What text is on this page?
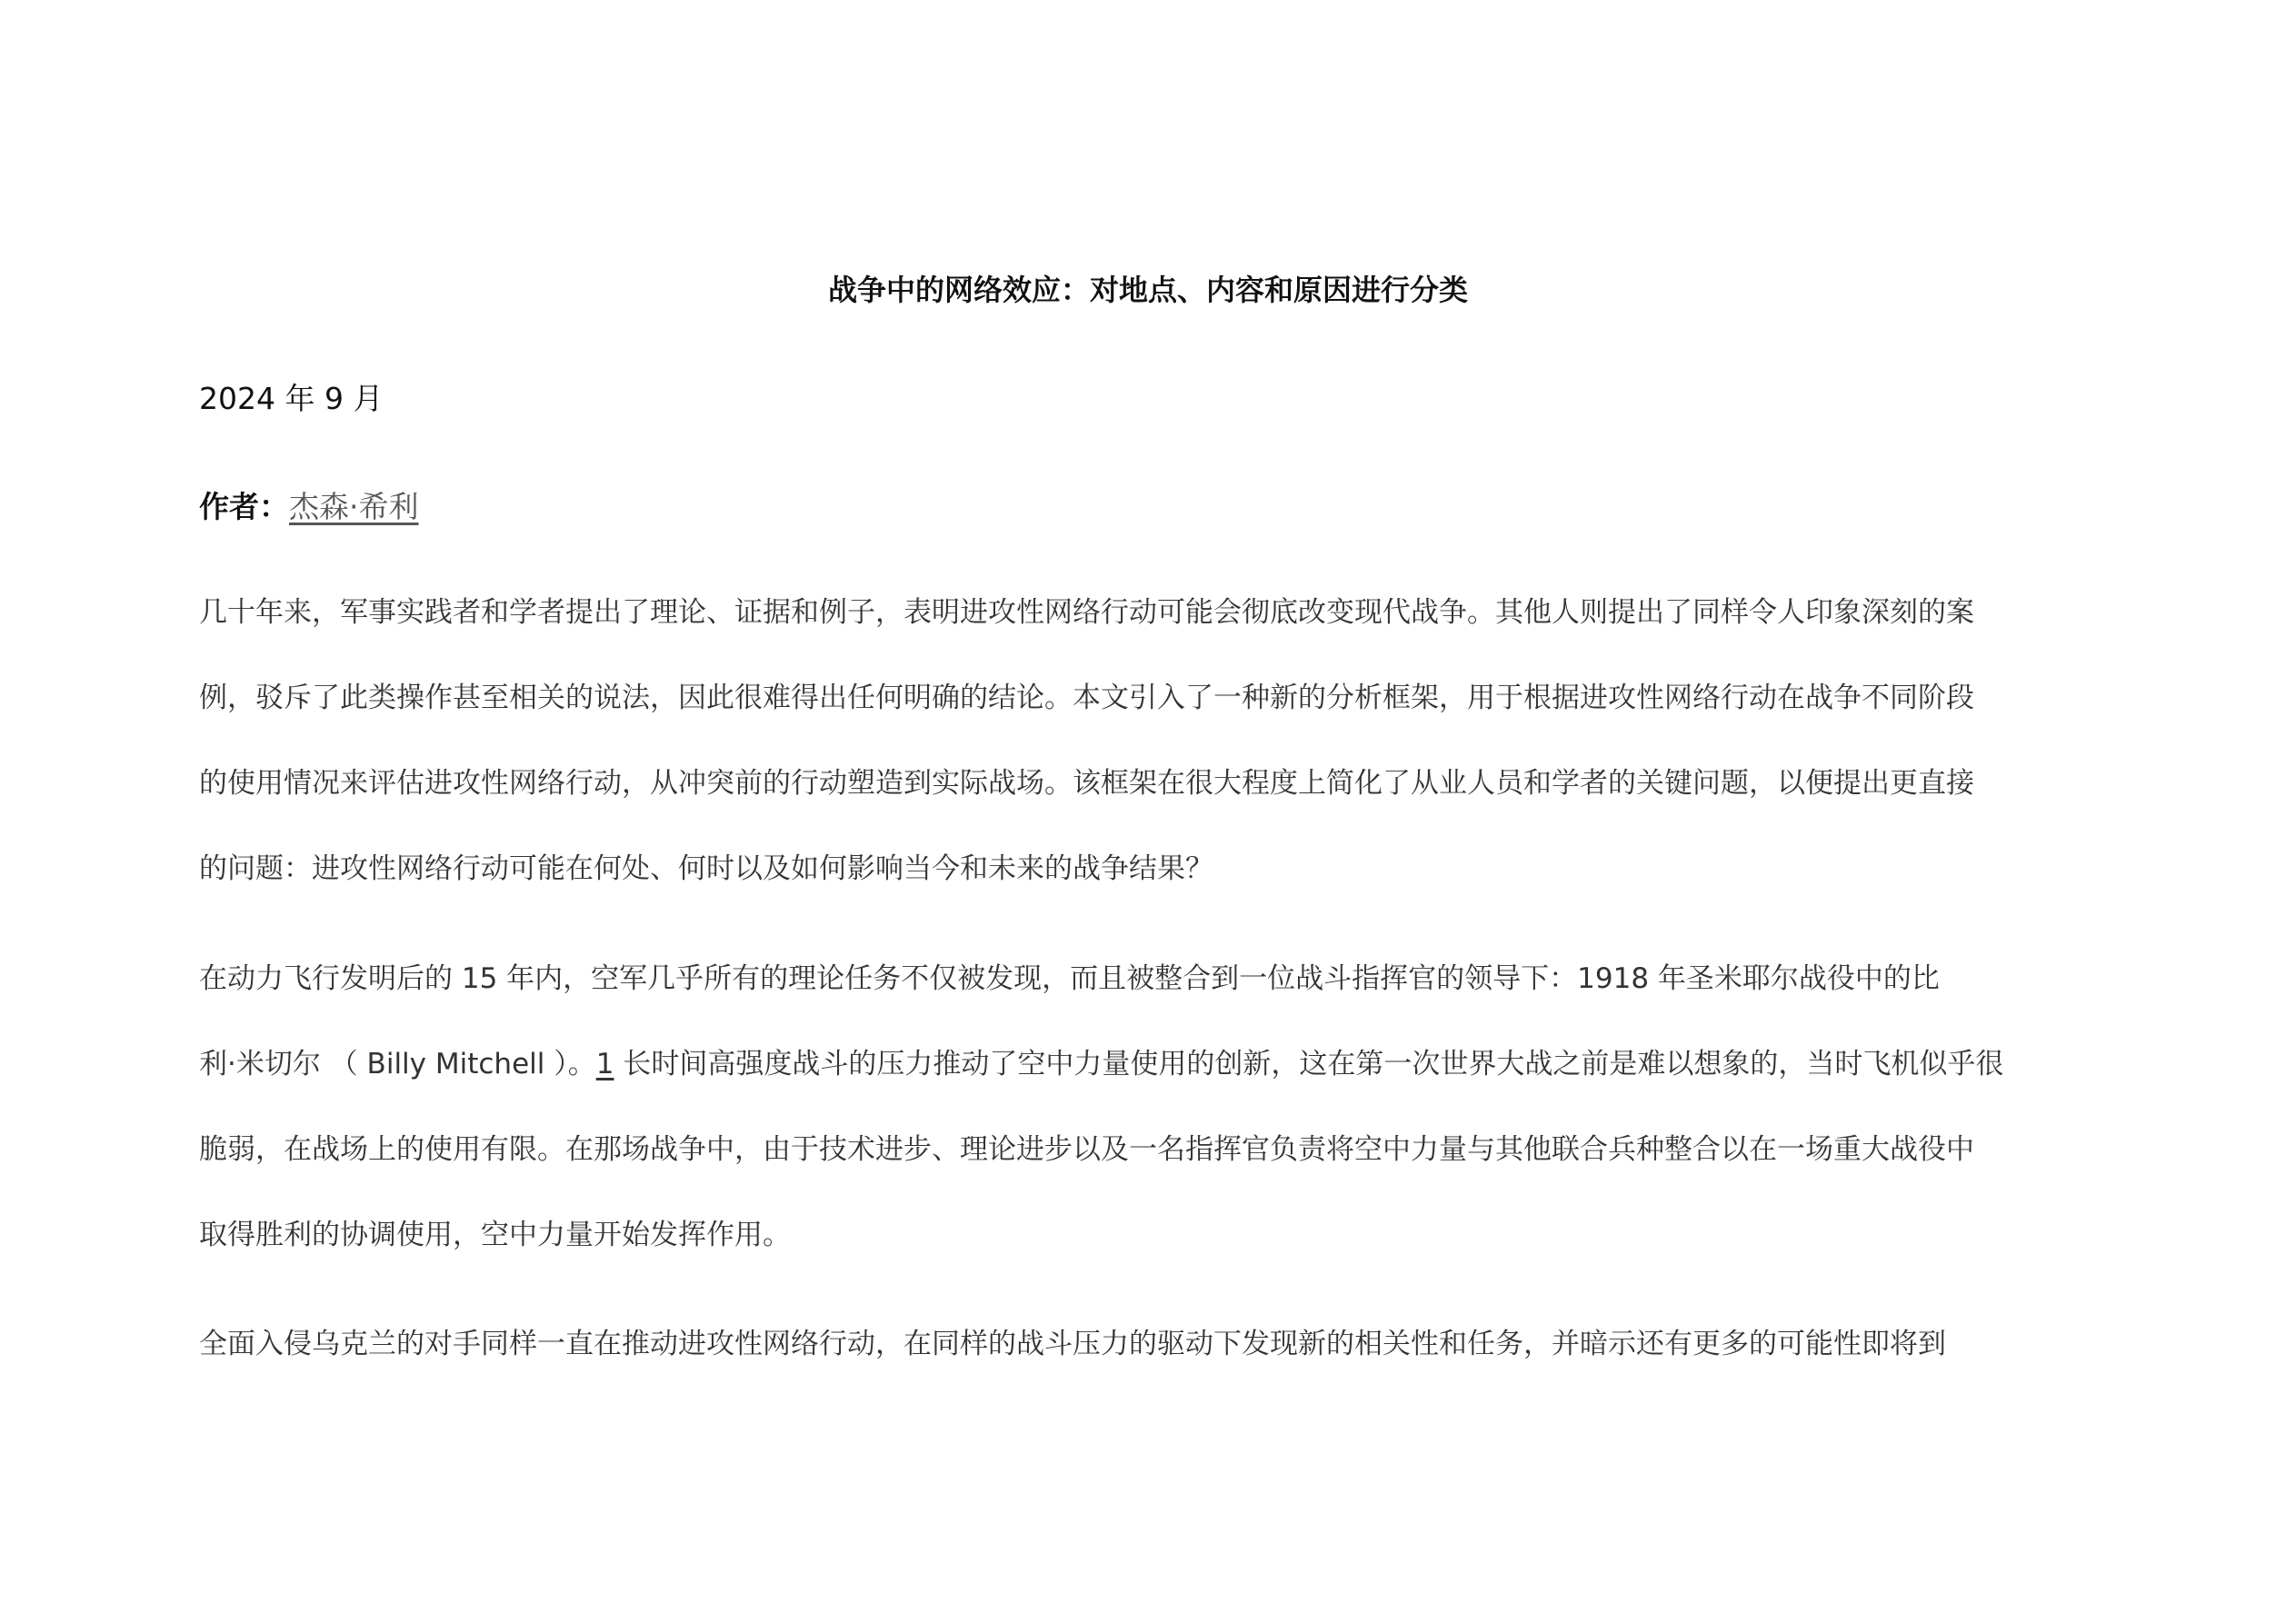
战争中的网络效应：对地点、内容和原因进行分类

2024 年 9 月

作者：杰森·希利

几十年来，军事实践者和学者提出了理论、证据和例子，表明进攻性网络行动可能会彻底改变现代战争。其他人则提出了同样令人印象深刻的案
例，驳斥了此类操作甚至相关的说法，因此很难得出任何明确的结论。本文引入了一种新的分析框架，用于根据进攻性网络行动在战争不同阶段
的使用情况来评估进攻性网络行动，从冲突前的行动塑造到实际战场。该框架在很大程度上简化了从业人员和学者的关键问题，以便提出更直接
的问题：进攻性网络行动可能在何处、何时以及如何影响当今和未来的战争结果？

在动力飞行发明后的 15 年内，空军几乎所有的理论任务不仅被发现，而且被整合到一位战斗指挥官的领导下：1918 年圣米耶尔战役中的比
利·米切尔 （ Billy Mitchell ）。1 长时间高强度战斗的压力推动了空中力量使用的创新，这在第一次世界大战之前是难以想象的，当时飞机似乎很
脆弱，在战场上的使用有限。在那场战争中，由于技术进步、理论进步以及一名指挥官负责将空中力量与其他联合兵种整合以在一场重大战役中
取得胜利的协调使用，空中力量开始发挥作用。

全面入侵乌克兰的对手同样一直在推动进攻性网络行动，在同样的战斗压力的驱动下发现新的相关性和任务，并暗示还有更多的可能性即将到
